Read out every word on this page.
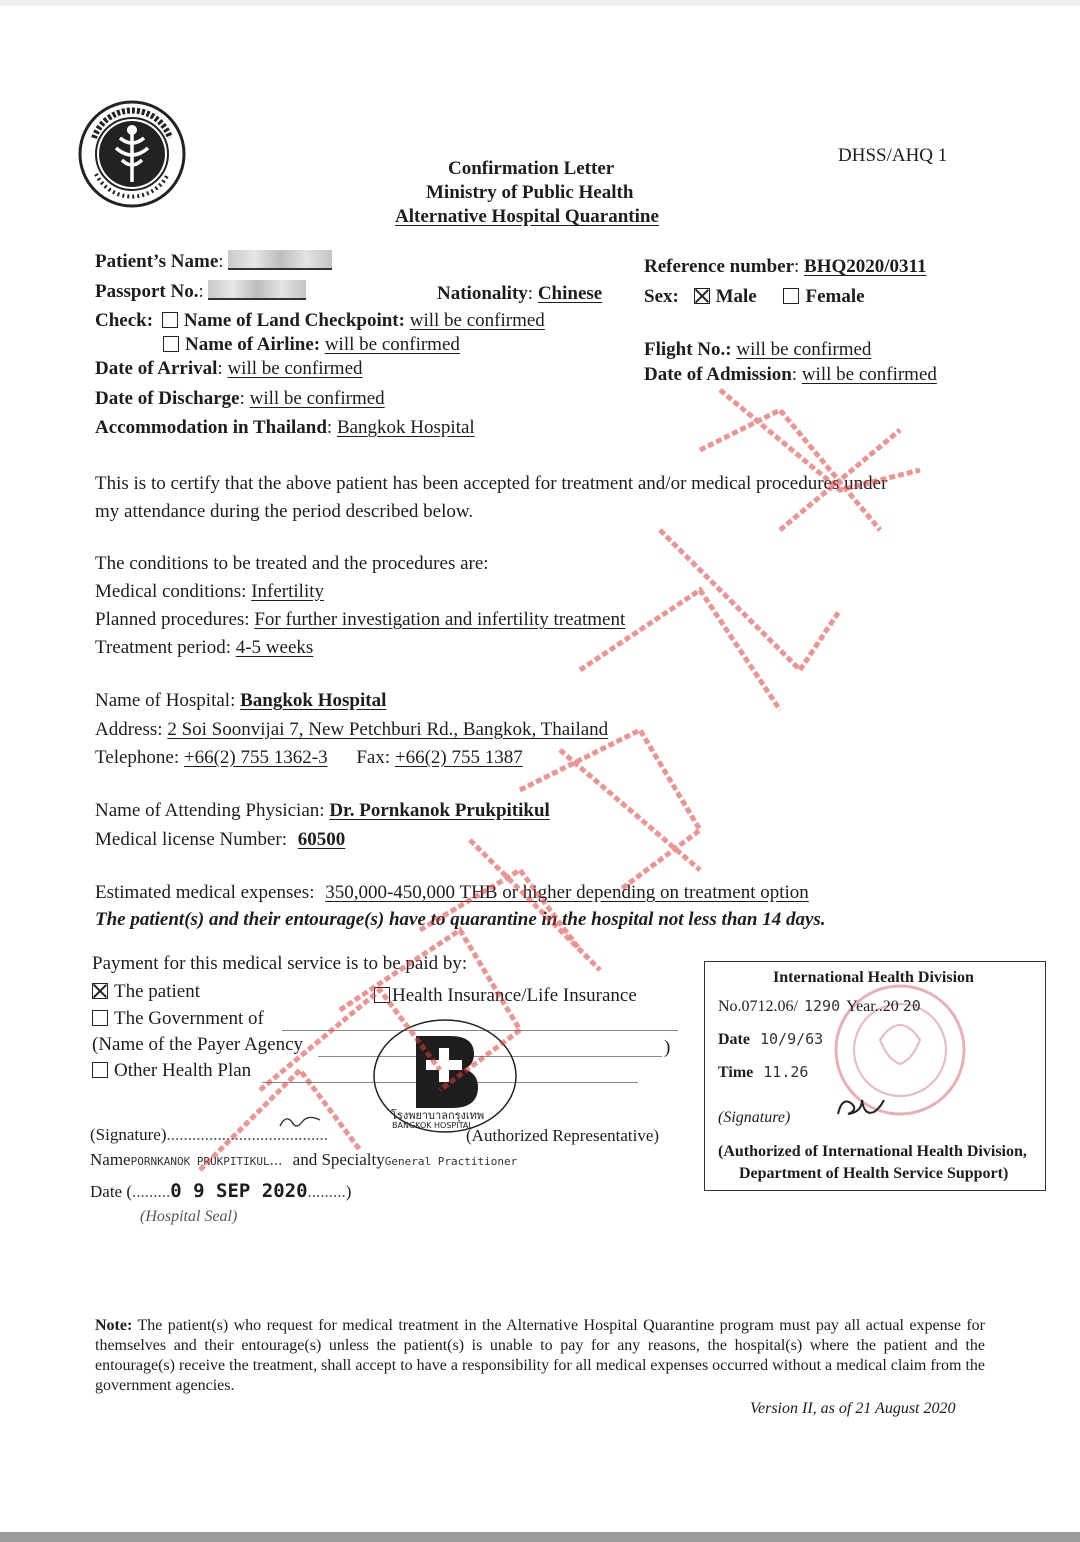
DHSS/AHQ 1
Confirmation Letter
Ministry of Public Health
Alternative Hospital Quarantine
Patient’s Name:
Passport No.:	Nationality: Chinese
Check: Name of Land Checkpoint: will be confirmed
Name of Airline: will be confirmed
Date of Arrival: will be confirmed
Date of Discharge: will be confirmed
Accommodation in Thailand: Bangkok Hospital
Reference number: BHQ2020/0311
Sex: Male	Female
Flight No.: will be confirmed
Date of Admission: will be confirmed
This is to certify that the above patient has been accepted for treatment and/or medical procedures under
my attendance during the period described below.
The conditions to be treated and the procedures are:
Medical conditions: Infertility
Planned procedures: For further investigation and infertility treatment
Treatment period: 4-5 weeks
Name of Hospital: Bangkok Hospital
Address: 2 Soi Soonvijai 7, New Petchburi Rd., Bangkok, Thailand
Telephone: +66(2) 755 1362-3 Fax: +66(2) 755 1387
Name of Attending Physician: Dr. Pornkanok Prukpitikul
Medical license Number: 60500
Estimated medical expenses: 350,000-450,000 THB or higher depending on treatment option
The patient(s) and their entourage(s) have to quarantine in the hospital not less than 14 days.
Payment for this medical service is to be paid by:
The patient	Health Insurance/Life Insurance
The Government of
(Name of the Payer Agency	)
Other Health Plan
โรงพยาบาลกรุงเทพ
BANGKOK HOSPITAL
(Signature)......................................	(Authorized Representative)
NamePORNKANOK PRUKPITIKUL... and SpecialtyGeneral Practitioner
Date (.........0 9 SEP 2020.........)
(Hospital Seal)
International Health Division
No.0712.06/ 1290 Year..20 20
Date 10/9/63
Time 11.26
(Signature)
(Authorized of International Health Division,
Department of Health Service Support)
Note: The patient(s) who request for medical treatment in the Alternative Hospital Quarantine program must pay all actual expense for themselves and their entourage(s) unless the patient(s) is unable to pay for any reasons, the hospital(s) where the patient and the entourage(s) receive the treatment, shall accept to have a responsibility for all medical expenses occurred without a medical claim from the government agencies.
Version II, as of 21 August 2020
